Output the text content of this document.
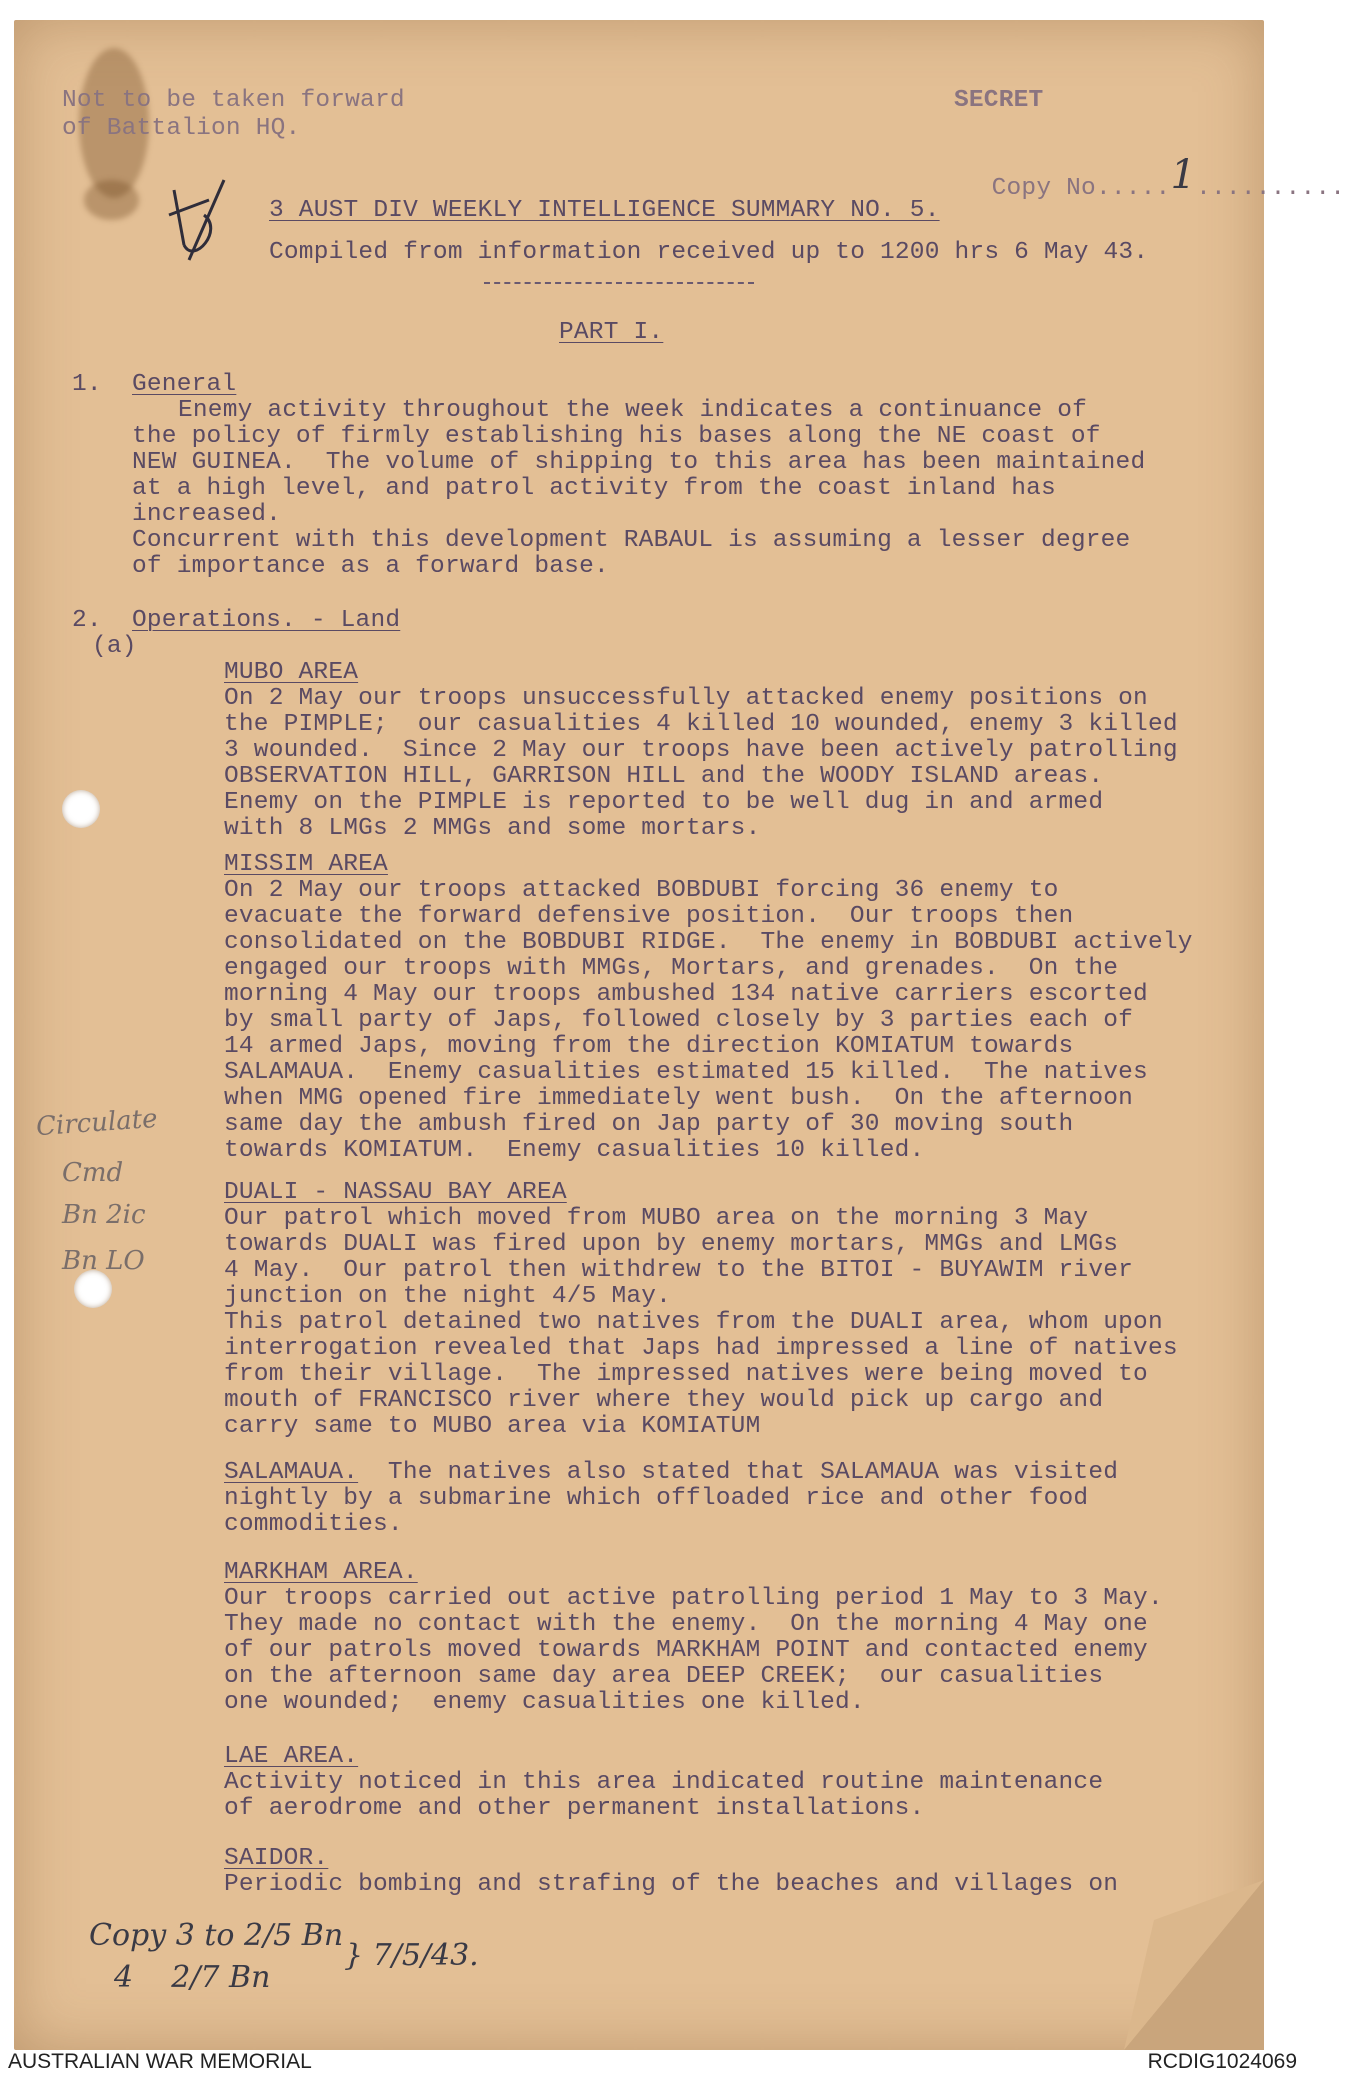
Not to be taken forward
of Battalion HQ.
SECRET

Copy No.....1..........

3 AUST DIV WEEKLY INTELLIGENCE SUMMARY NO. 5.
Compiled from information received up to 1200 hrs 6 May 43.
PART I.
1. General
Enemy activity throughout the week indicates a continuance of
the policy of firmly establishing his bases along the NE coast of
NEW GUINEA.  The volume of shipping to this area has been maintained
at a high level, and patrol activity from the coast inland has
increased.
Concurrent with this development RABAUL is assuming a lesser degree
of importance as a forward base.
2. Operations. - Land
(a)
MUBO AREA
On 2 May our troops unsuccessfully attacked enemy positions on
the PIMPLE;  our casualities 4 killed 10 wounded, enemy 3 killed
3 wounded.  Since 2 May our troops have been actively patrolling
OBSERVATION HILL, GARRISON HILL and the WOODY ISLAND areas.
Enemy on the PIMPLE is reported to be well dug in and armed
with 8 LMGs 2 MMGs and some mortars.
MISSIM AREA
On 2 May our troops attacked BOBDUBI forcing 36 enemy to
evacuate the forward defensive position.  Our troops then
consolidated on the BOBDUBI RIDGE.  The enemy in BOBDUBI actively
engaged our troops with MMGs, Mortars, and grenades.  On the
morning 4 May our troops ambushed 134 native carriers escorted
by small party of Japs, followed closely by 3 parties each of
14 armed Japs, moving from the direction KOMIATUM towards
SALAMAUA.  Enemy casualities estimated 15 killed.  The natives
when MMG opened fire immediately went bush.  On the afternoon
same day the ambush fired on Jap party of 30 moving south
towards KOMIATUM.  Enemy casualities 10 killed.
DUALI - NASSAU BAY AREA
Our patrol which moved from MUBO area on the morning 3 May
towards DUALI was fired upon by enemy mortars, MMGs and LMGs
4 May.  Our patrol then withdrew to the BITOI - BUYAWIM river
junction on the night 4/5 May.
This patrol detained two natives from the DUALI area, whom upon
interrogation revealed that Japs had impressed a line of natives
from their village.  The impressed natives were being moved to
mouth of FRANCISCO river where they would pick up cargo and
carry same to MUBO area via KOMIATUM
SALAMAUA.  The natives also stated that SALAMAUA was visited
nightly by a submarine which offloaded rice and other food
commodities.
MARKHAM AREA.
Our troops carried out active patrolling period 1 May to 3 May.
They made no contact with the enemy.  On the morning 4 May one
of our patrols moved towards MARKHAM POINT and contacted enemy
on the afternoon same day area DEEP CREEK;  our casualities
one wounded;  enemy casualities one killed.
LAE AREA.
Activity noticed in this area indicated routine maintenance
of aerodrome and other permanent installations.
SAIDOR.
Periodic bombing and strafing of the beaches and villages on
Circulate
Cmd
Bn 2ic
Bn LO
Copy 3 to 2/5 Bn
4    2/7 Bn
} 7/5/43.
AUSTRALIAN WAR MEMORIAL	RCDIG1024069
